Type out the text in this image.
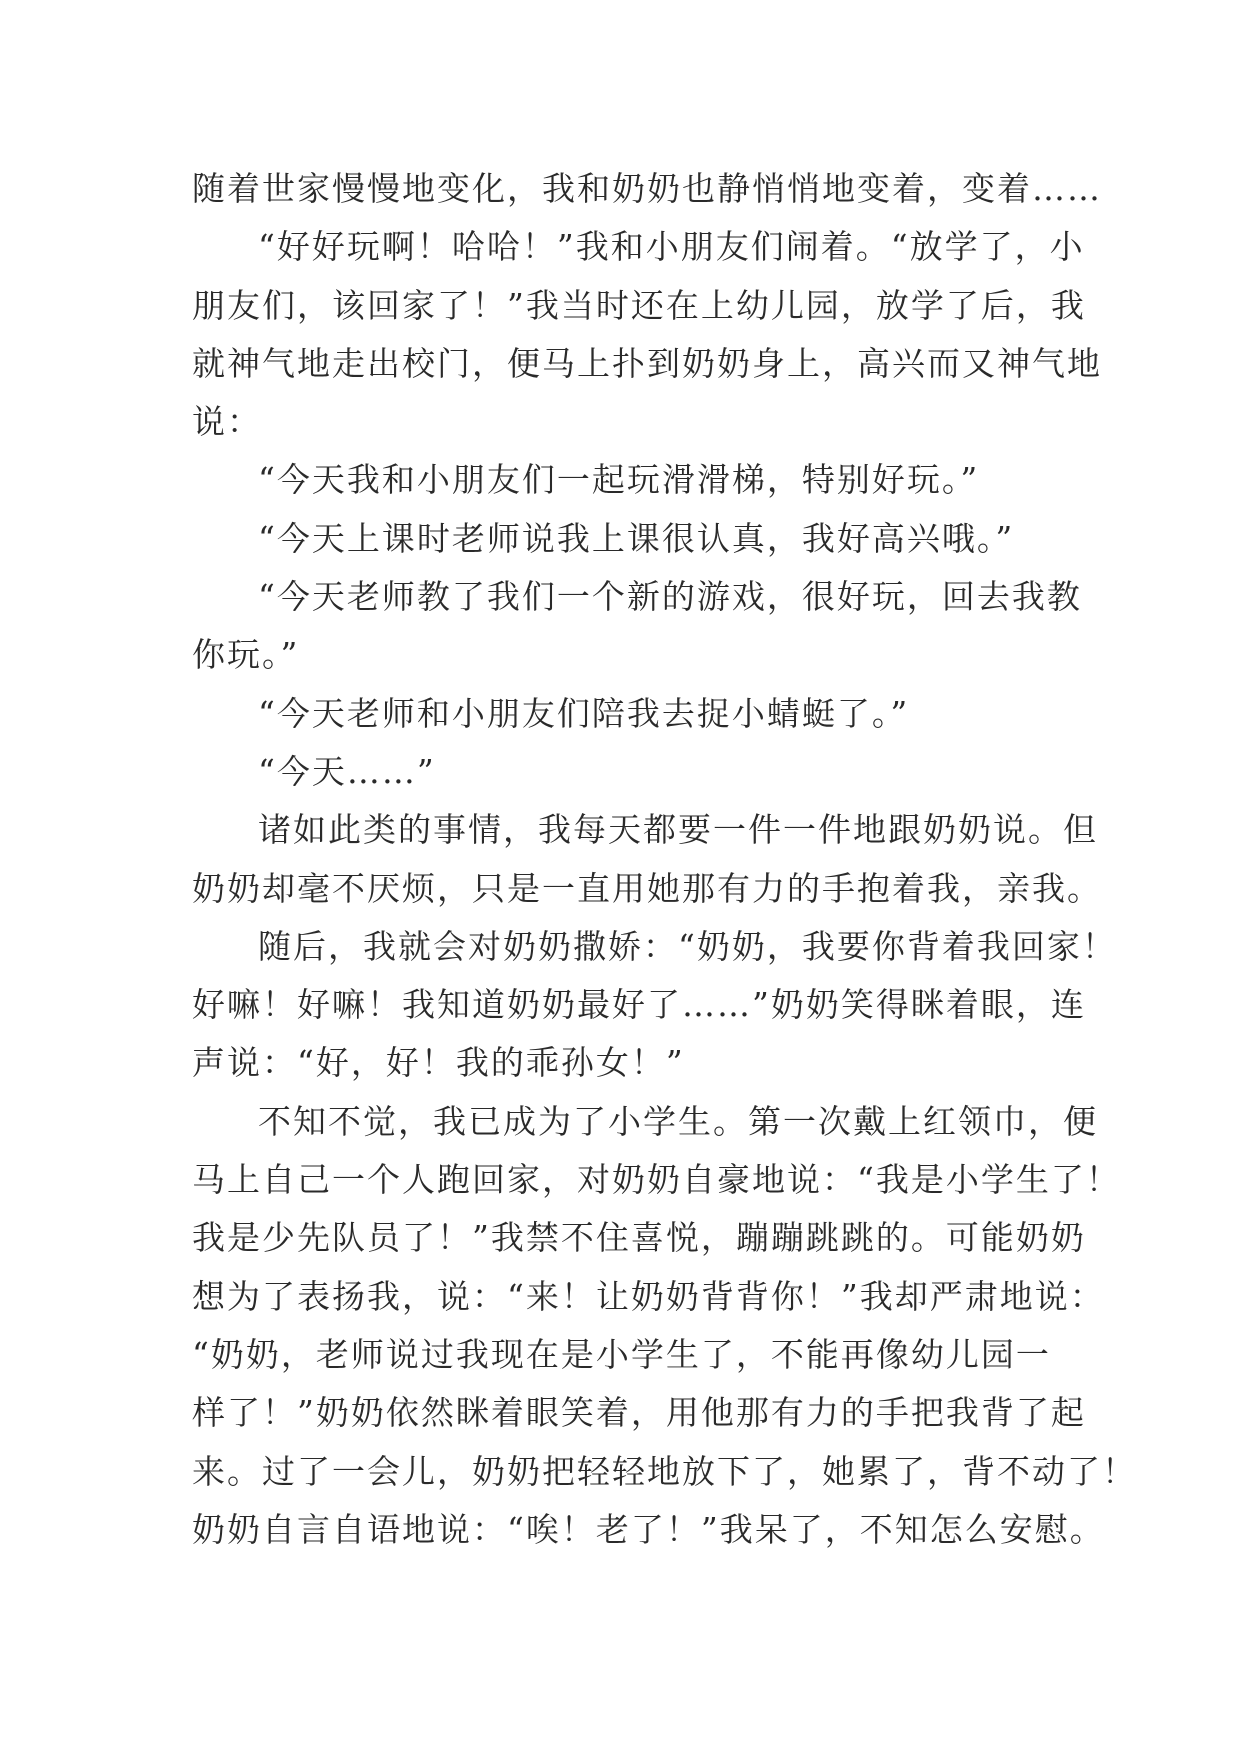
随着世家慢慢地变化，我和奶奶也静悄悄地变着，变着……
“好好玩啊！哈哈！”我和小朋友们闹着。“放学了，小
朋友们，该回家了！”我当时还在上幼儿园，放学了后，我
就神气地走出校门，便马上扑到奶奶身上，高兴而又神气地
说：
“今天我和小朋友们一起玩滑滑梯，特别好玩。”
“今天上课时老师说我上课很认真，我好高兴哦。”
“今天老师教了我们一个新的游戏，很好玩，回去我教
你玩。”
“今天老师和小朋友们陪我去捉小蜻蜓了。”
“今天……”
诸如此类的事情，我每天都要一件一件地跟奶奶说。但
奶奶却毫不厌烦，只是一直用她那有力的手抱着我，亲我。
随后，我就会对奶奶撒娇：“奶奶，我要你背着我回家！
好嘛！好嘛！我知道奶奶最好了……”奶奶笑得眯着眼，连
声说：“好，好！我的乖孙女！”
不知不觉，我已成为了小学生。第一次戴上红领巾，便
马上自己一个人跑回家，对奶奶自豪地说：“我是小学生了！
我是少先队员了！”我禁不住喜悦，蹦蹦跳跳的。可能奶奶
想为了表扬我，说：“来！让奶奶背背你！”我却严肃地说：
“奶奶，老师说过我现在是小学生了，不能再像幼儿园一
样了！”奶奶依然眯着眼笑着，用他那有力的手把我背了起
来。过了一会儿，奶奶把轻轻地放下了，她累了，背不动了！
奶奶自言自语地说：“唉！老了！”我呆了，不知怎么安慰。
